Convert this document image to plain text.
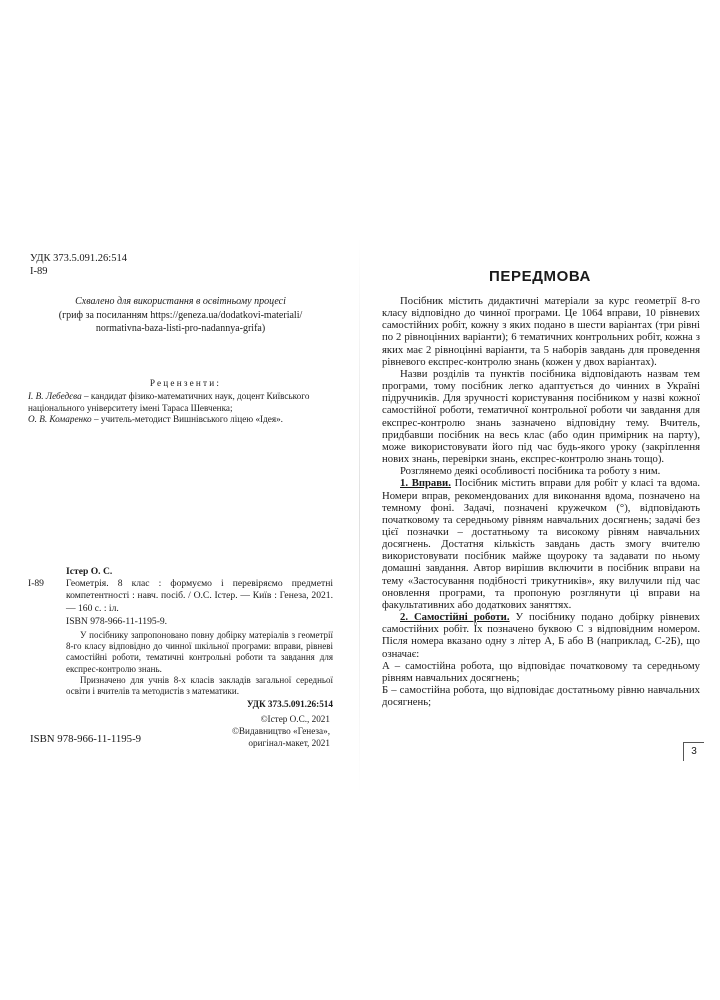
УДК 373.5.091.26:514
I-89
Схвалено для використання в освітньому процесі
(гриф за посиланням https://geneza.ua/dodatkovi-materiali/
normativna-baza-listi-pro-nadannya-grifa)
Рецензенти:

І. В. Лебедєва – кандидат фізико-математичних наук, доцент Київського національного університету імені Тараса Шевченка;

О. В. Комаренко – учитель-методист Вишнівського ліцею «Ідея».

Істер О. С.
I-89	Геометрія. 8 клас : формуємо і перевіряємо предметні компетентності : навч. посіб. / О.С. Істер. — Київ : Генеза, 2021. — 160 с. : іл.
ISBN 978-966-11-1195-9.

У посібнику запропоновано повну добірку матеріалів з геометрії 8-го класу відповідно до чинної шкільної програми: вправи, рівневі самостійні роботи, тематичні контрольні роботи та завдання для експрес-контролю знань.

Призначено для учнів 8-х класів закладів загальної середньої освіти і вчителів та методистів з математики.

УДК 373.5.091.26:514
©Істер О.С., 2021
©Видавництво «Генеза»,
оригінал-макет, 2021
ISBN 978-966-11-1195-9
ПЕРЕДМОВА

Посібник містить дидактичні матеріали за курс геометрії 8-го класу відповідно до чинної програми. Це 1064 вправи, 10 рівневих самостійних робіт, кожну з яких подано в шести варіантах (три рівні по 2 рівноцінних варіанти); 6 тематичних контрольних робіт, кожна з яких має 2 рівноцінні варіанти, та 5 наборів завдань для проведення рівневого експрес-контролю знань (кожен у двох варіантах).

Назви розділів та пунктів посібника відповідають назвам тем програми, тому посібник легко адаптується до чинних в Україні підручників. Для зручності користування посібником у назві кожної самостійної роботи, тематичної контрольної роботи чи завдання для експрес-контролю знань зазначено відповідну тему. Вчитель, придбавши посібник на весь клас (або один примірник на парту), може використовувати його під час будь-якого уроку (закріплення нових знань, перевірки знань, експрес-контролю знань тощо).

Розглянемо деякі особливості посібника та роботу з ним.

1. Вправи. Посібник містить вправи для робіт у класі та вдома. Номери вправ, рекомендованих для виконання вдома, позначено на темному фоні. Задачі, позначені кружечком (°), відповідають початковому та середньому рівням навчальних досягнень; задачі без цієї позначки – достатньому та високому рівням навчальних досягнень. Достатня кількість завдань дасть змогу вчителю використовувати посібник майже щоуроку та задавати по ньому домашні завдання. Автор вирішив включити в посібник вправи на тему «Застосування подібності трикутників», яку вилучили під час оновлення програми, та пропоную розглянути ці вправи на факультативних або додаткових заняттях.

2. Самостійні роботи. У посібнику подано добірку рівневих самостійних робіт. Їх позначено буквою С з відповідним номером. Після номера вказано одну з літер А, Б або В (наприклад, С-2Б), що означає:

А – самостійна робота, що відповідає початковому та середньому рівням навчальних досягнень;

Б – самостійна робота, що відповідає достатньому рівню навчальних досягнень;

3
